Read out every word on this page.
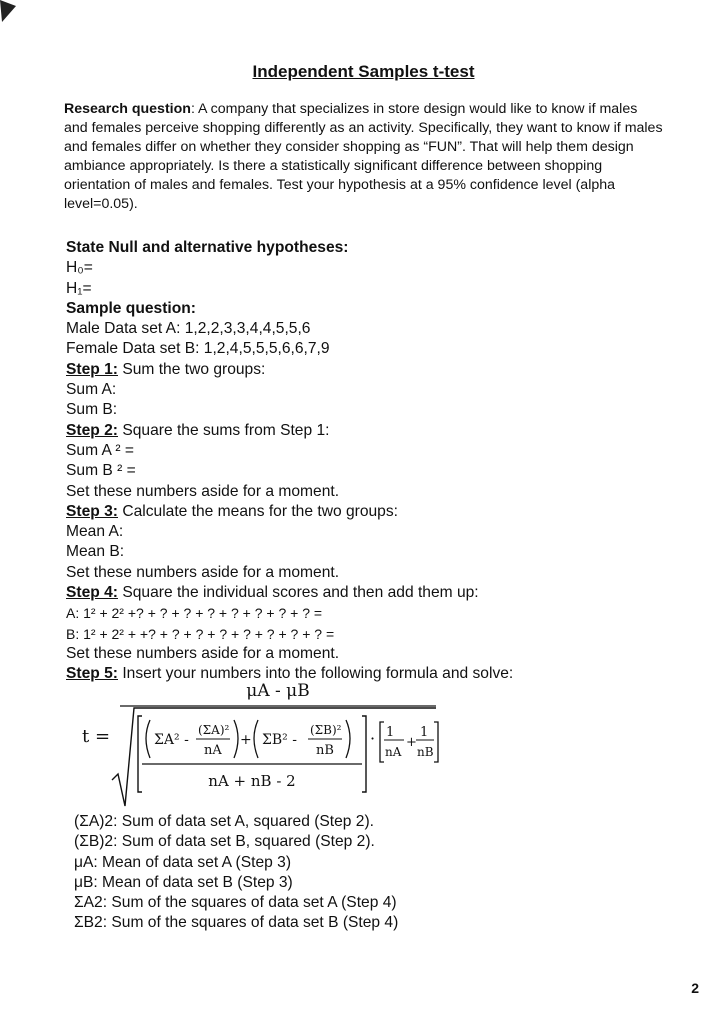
Independent Samples t-test

Research question: A company that specializes in store design would like to know if males and females perceive shopping differently as an activity. Specifically, they want to know if males and females differ on whether they consider shopping as “FUN”. That will help them design ambiance appropriately. Is there a statistically significant difference between shopping orientation of males and females. Test your hypothesis at a 95% confidence level (alpha level=0.05).

State Null and alternative hypotheses:
H₀=
H₁=
Sample question:
Male Data set A: 1,2,2,3,3,4,4,5,5,6
Female Data set B: 1,2,4,5,5,5,6,6,7,9
Step 1: Sum the two groups:
Sum A:
Sum B:
Step 2: Square the sums from Step 1:
Sum A ² =
Sum B ² =
Set these numbers aside for a moment.
Step 3: Calculate the means for the two groups:
Mean A:
Mean B:
Set these numbers aside for a moment.
Step 4: Square the individual scores and then add them up:
A: 1² + 2² +? + ? + ? + ? + ? + ? + ? + ? =
B: 1² + 2² + +? + ? + ? + ? + ? + ? + ? + ? =
Set these numbers aside for a moment.
Step 5: Insert your numbers into the following formula and solve:
μA - μB
t =	ΣA² -
(ΣA)²
nA
+ ΣB² -
(ΣB)²
nB
nA + nB - 2
· 1
nA
+
1
nB
(ΣA)2: Sum of data set A, squared (Step 2).
(ΣB)2: Sum of data set B, squared (Step 2).
μA: Mean of data set A (Step 3)
μB: Mean of data set B (Step 3)
ΣA2: Sum of the squares of data set A (Step 4)
ΣB2: Sum of the squares of data set B (Step 4)
2
